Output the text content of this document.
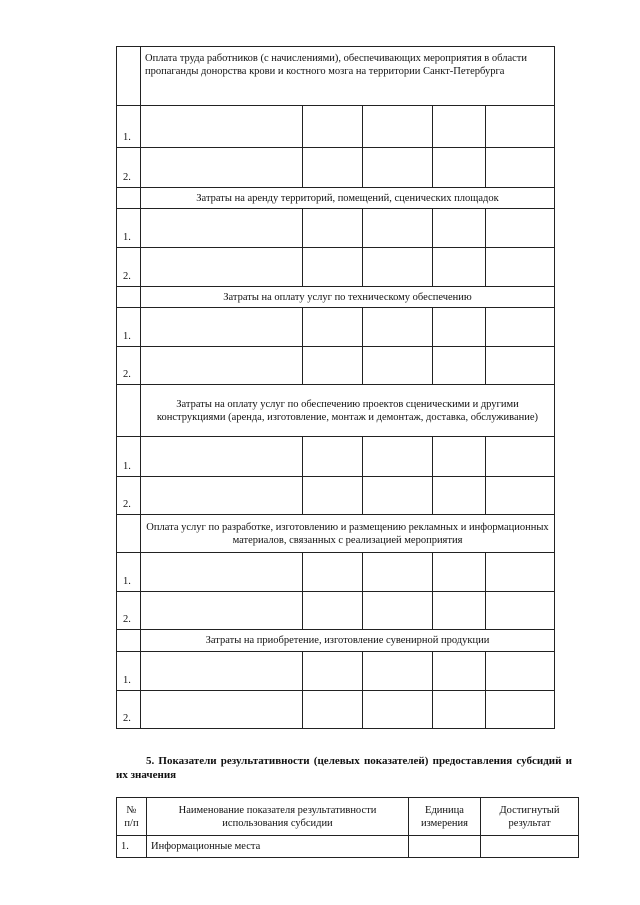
	Оплата труда работников (с начислениями), обеспечивающих мероприятия в области пропаганды донорства крови и костного мозга на территории Санкт-Петербурга				
1.					
2.					
	Затраты на аренду территорий, помещений, сценических площадок				
1.					
2.					
	Затраты на оплату услуг по техническому обеспечению				
1.					
2.					
	Затраты на оплату услуг по обеспечению проектов сценическими и другими конструкциями (аренда, изготовление, монтаж и демонтаж, доставка, обслуживание)				
1.					
2.					
	Оплата услуг по разработке, изготовлению и размещению рекламных и информационных материалов, связанных с реализацией мероприятия				
1.					
2.					
	Затраты на приобретение, изготовление сувенирной продукции				
1.					
2.					
5. Показатели результативности (целевых показателей) предоставления субсидий и их значения
№ п/п	Наименование показателя результативности использования субсидии	Единица измерения	Достигнутый результат
1.	Информационные места		
